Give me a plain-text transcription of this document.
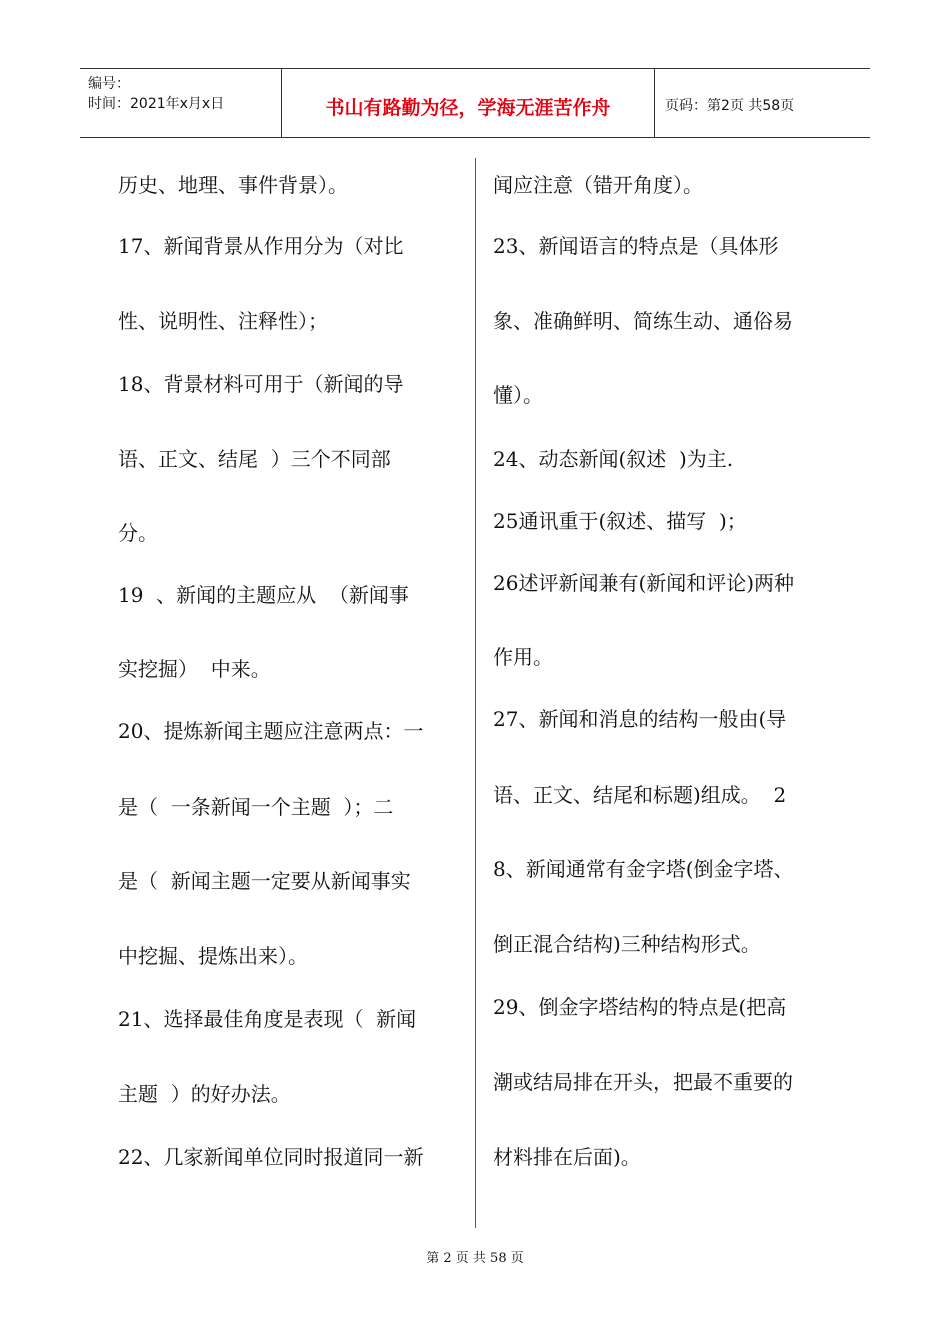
编号：
时间：2021年x月x日	书山有路勤为径，学海无涯苦作舟	页码：第2页 共58页
历史、地理、事件背景）。
17、新闻背景从作用分为（对比
性、说明性、注释性）；
18、背景材料可用于（新闻的导
语、正文、结尾  ）三个不同部
分。
19  、新闻的主题应从  （新闻事
实挖掘）  中来。
20、提炼新闻主题应注意两点：一
是（  一条新闻一个主题  ）；二
是（  新闻主题一定要从新闻事实
中挖掘、提炼出来）。
21、选择最佳角度是表现（  新闻
主题  ）的好办法。
22、几家新闻单位同时报道同一新
闻应注意（错开角度）。
23、新闻语言的特点是（具体形
象、准确鲜明、简练生动、通俗易
懂）。
24、动态新闻(叙述  )为主.
25通讯重于(叙述、描写  )；
26述评新闻兼有(新闻和评论)两种
作用。
27、新闻和消息的结构一般由(导
语、正文、结尾和标题)组成。  2
8、新闻通常有金字塔(倒金字塔、
倒正混合结构)三种结构形式。
29、倒金字塔结构的特点是(把高
潮或结局排在开头，把最不重要的
材料排在后面)。
第 2 页 共 58 页
